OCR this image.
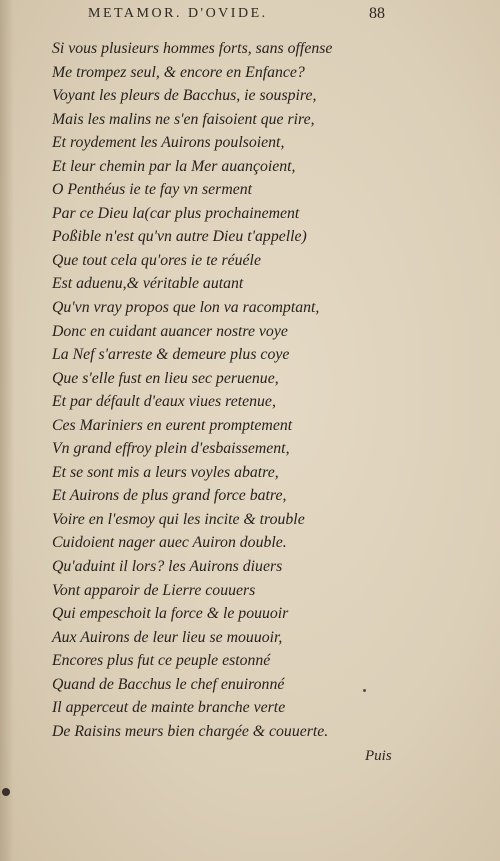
METAMOR. D'OVIDE.	88
Si vous plusieurs hommes forts, sans offense
Me trompez seul, & encore en Enfance?
Voyant les pleurs de Bacchus, ie souspire,
Mais les malins ne s'en faisoient que rire,
Et roydement les Auirons poulsoient,
Et leur chemin par la Mer auançoient,
O Penthéus ie te fay vn serment
Par ce Dieu la(car plus prochainement
Poßible n'est qu'vn autre Dieu t'appelle)
Que tout cela qu'ores ie te réuéle
Est aduenu,& véritable autant
Qu'vn vray propos que lon va racomptant,
Donc en cuidant auancer nostre voye
La Nef s'arreste & demeure plus coye
Que s'elle fust en lieu sec peruenue,
Et par défault d'eaux viues retenue,
Ces Mariniers en eurent promptement
Vn grand effroy plein d'esbaissement,
Et se sont mis a leurs voyles abatre,
Et Auirons de plus grand force batre,
Voire en l'esmoy qui les incite & trouble
Cuidoient nager auec Auiron double.
Qu'aduint il lors? les Auirons diuers
Vont apparoir de Lierre couuers
Qui empeschoit la force & le pouuoir
Aux Auirons de leur lieu se mouuoir,
Encores plus fut ce peuple estonné
Quand de Bacchus le chef enuironné
Il apperceut de mainte branche verte
De Raisins meurs bien chargée & couuerte.
Puis
